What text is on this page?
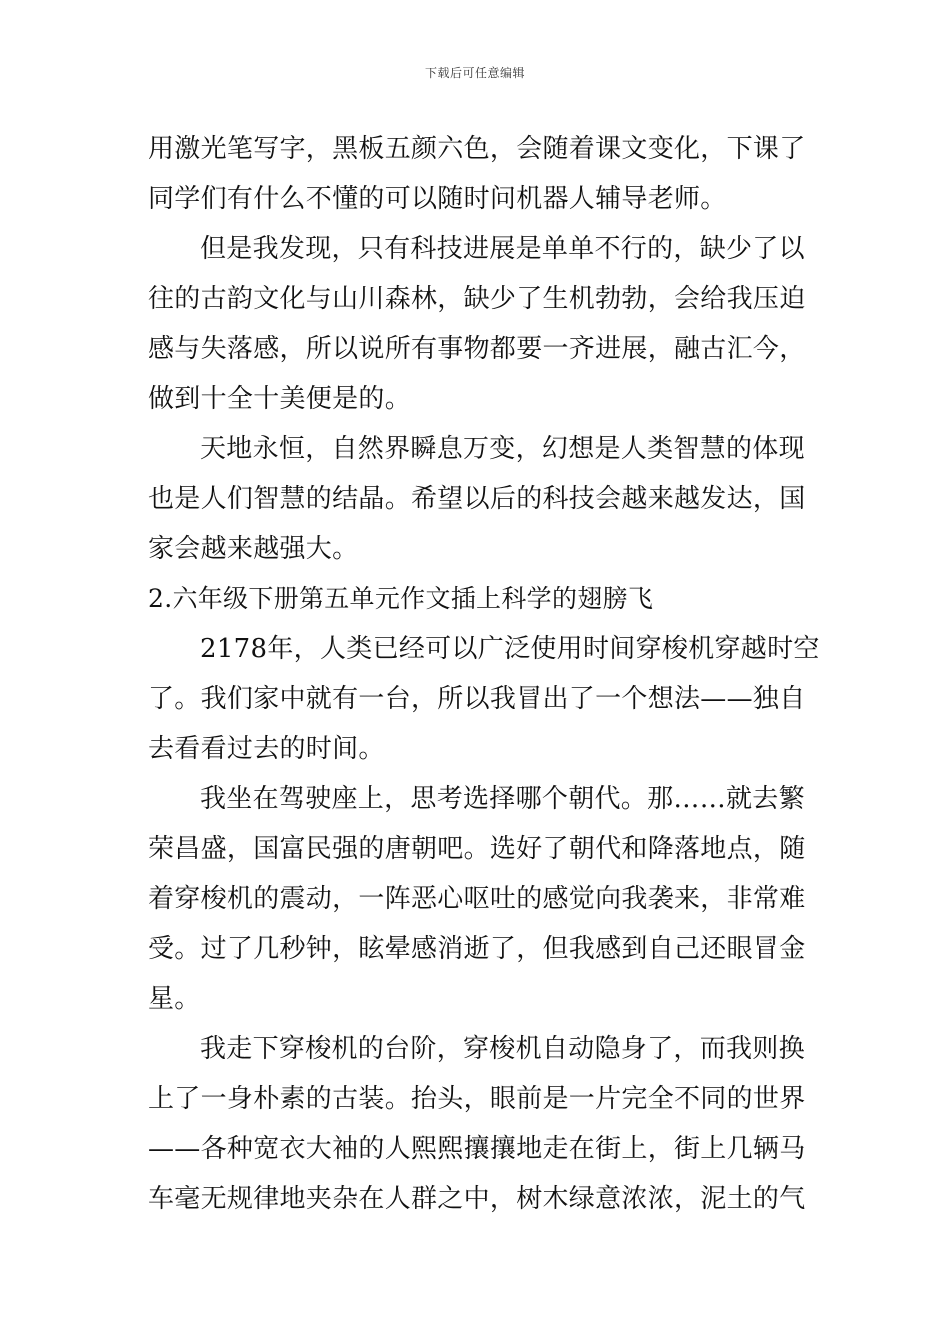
下载后可任意编辑
用激光笔写字，黑板五颜六色，会随着课文变化，下课了
同学们有什么不懂的可以随时问机器人辅导老师。
但是我发现，只有科技进展是单单不行的，缺少了以
往的古韵文化与山川森林，缺少了生机勃勃，会给我压迫
感与失落感，所以说所有事物都要一齐进展，融古汇今，
做到十全十美便是的。
天地永恒，自然界瞬息万变，幻想是人类智慧的体现
也是人们智慧的结晶。希望以后的科技会越来越发达，国
家会越来越强大。
2.六年级下册第五单元作文插上科学的翅膀飞
2178年，人类已经可以广泛使用时间穿梭机穿越时空
了。我们家中就有一台，所以我冒出了一个想法——独自
去看看过去的时间。
我坐在驾驶座上，思考选择哪个朝代。那……就去繁
荣昌盛，国富民强的唐朝吧。选好了朝代和降落地点，随
着穿梭机的震动，一阵恶心呕吐的感觉向我袭来，非常难
受。过了几秒钟，眩晕感消逝了，但我感到自己还眼冒金
星。
我走下穿梭机的台阶，穿梭机自动隐身了，而我则换
上了一身朴素的古装。抬头，眼前是一片完全不同的世界
——各种宽衣大袖的人熙熙攘攘地走在街上，街上几辆马
车毫无规律地夹杂在人群之中，树木绿意浓浓，泥土的气
